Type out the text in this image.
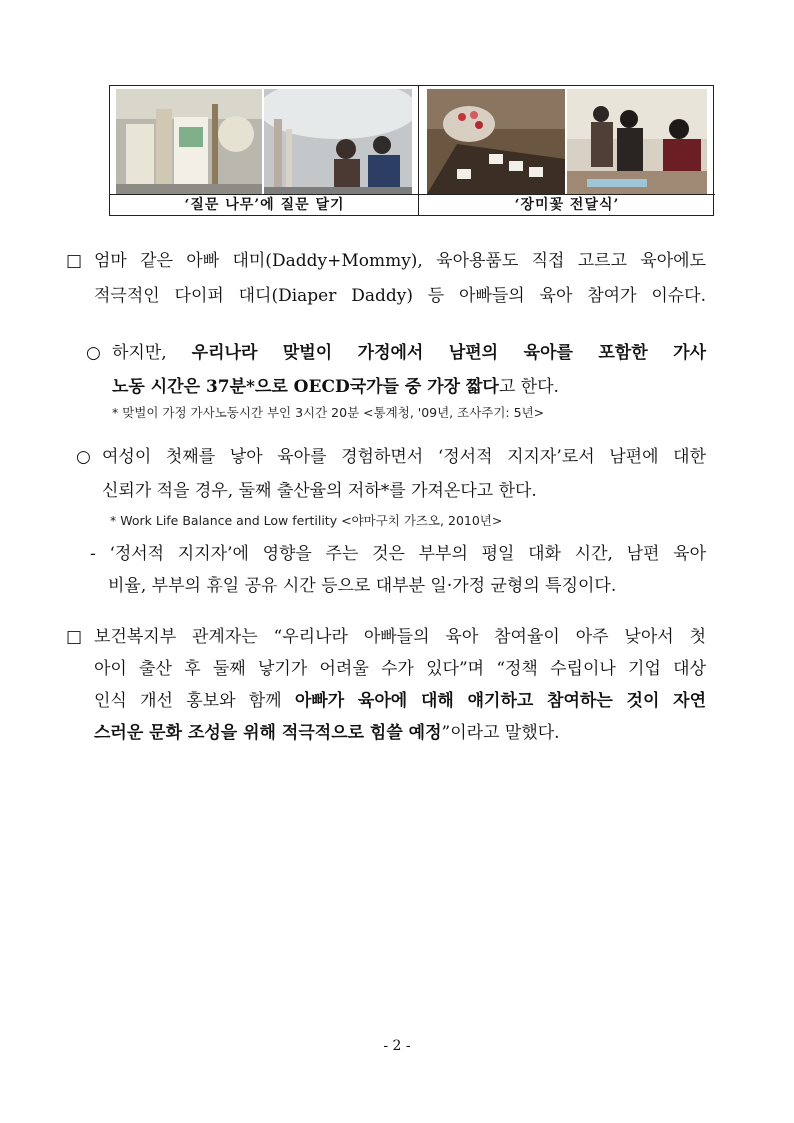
‘질문 나무’에 질문 달기	‘장미꽃 전달식’
□ 엄마 같은 아빠 대미(Daddy+Mommy), 육아용품도 직접 고르고 육아에도
적극적인 다이퍼 대디(Diaper Daddy) 등 아빠들의 육아 참여가 이슈다.
○ 하지만, 우리나라 맞벌이 가정에서 남편의 육아를 포함한 가사
노동 시간은 37분*으로 OECD국가들 중 가장 짧다고 한다.
* 맞벌이 가정 가사노동시간 부인 3시간 20분 <통계청, '09년, 조사주기: 5년>
○ 여성이 첫째를 낳아 육아를 경험하면서 ‘정서적 지지자’로서 남편에 대한
신뢰가 적을 경우, 둘째 출산율의 저하*를 가져온다고 한다.
* Work Life Balance and Low fertility <야마구치 가즈오, 2010년>
- ‘정서적 지지자’에 영향을 주는 것은 부부의 평일 대화 시간, 남편 육아
비율, 부부의 휴일 공유 시간 등으로 대부분 일·가정 균형의 특징이다.
□ 보건복지부 관계자는 “우리나라 아빠들의 육아 참여율이 아주 낮아서 첫
아이 출산 후 둘째 낳기가 어려울 수가 있다”며 “정책 수립이나 기업 대상
인식 개선 홍보와 함께 아빠가 육아에 대해 얘기하고 참여하는 것이 자연
스러운 문화 조성을 위해 적극적으로 힘쓸 예정”이라고 말했다.
- 2 -
